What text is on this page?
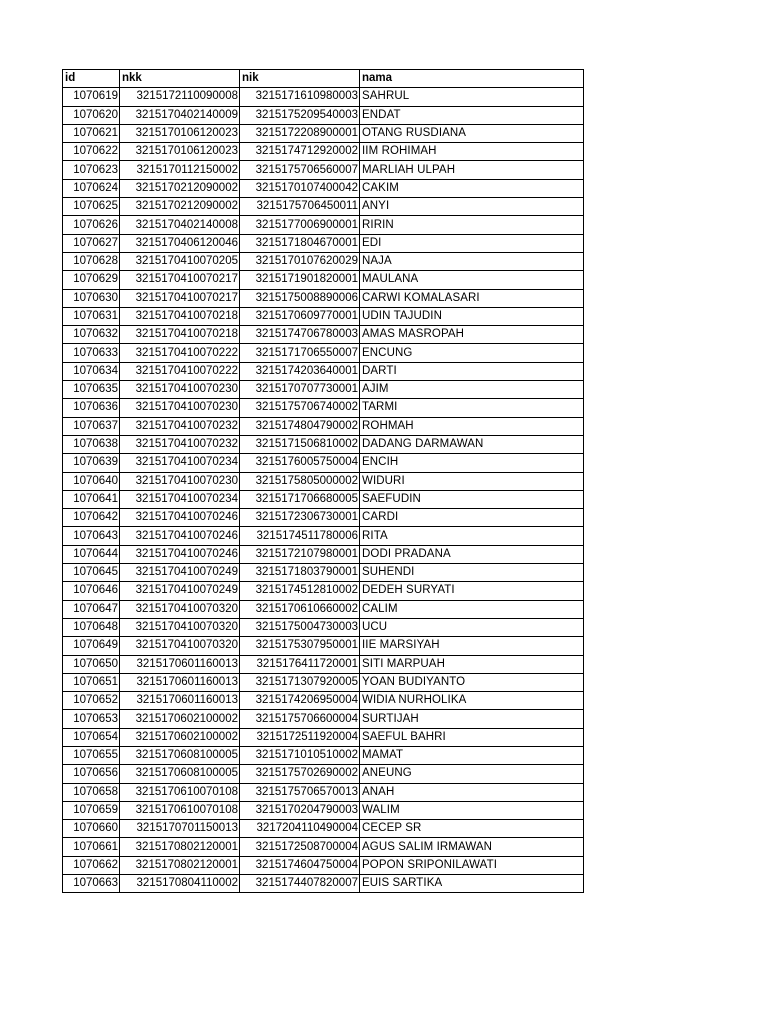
id	nkk	nik	nama
1070619	3215172110090008	3215171610980003	SAHRUL
1070620	3215170402140009	3215175209540003	ENDAT
1070621	3215170106120023	3215172208900001	OTANG RUSDIANA
1070622	3215170106120023	3215174712920002	IIM ROHIMAH
1070623	3215170112150002	3215175706560007	MARLIAH ULPAH
1070624	3215170212090002	3215170107400042	CAKIM
1070625	3215170212090002	3215175706450011	ANYI
1070626	3215170402140008	3215177006900001	RIRIN
1070627	3215170406120046	3215171804670001	EDI
1070628	3215170410070205	3215170107620029	NAJA
1070629	3215170410070217	3215171901820001	MAULANA
1070630	3215170410070217	3215175008890006	CARWI KOMALASARI
1070631	3215170410070218	3215170609770001	UDIN TAJUDIN
1070632	3215170410070218	3215174706780003	AMAS MASROPAH
1070633	3215170410070222	3215171706550007	ENCUNG
1070634	3215170410070222	3215174203640001	DARTI
1070635	3215170410070230	3215170707730001	AJIM
1070636	3215170410070230	3215175706740002	TARMI
1070637	3215170410070232	3215174804790002	ROHMAH
1070638	3215170410070232	3215171506810002	DADANG DARMAWAN
1070639	3215170410070234	3215176005750004	ENCIH
1070640	3215170410070230	3215175805000002	WIDURI
1070641	3215170410070234	3215171706680005	SAEFUDIN
1070642	3215170410070246	3215172306730001	CARDI
1070643	3215170410070246	3215174511780006	RITA
1070644	3215170410070246	3215172107980001	DODI PRADANA
1070645	3215170410070249	3215171803790001	SUHENDI
1070646	3215170410070249	3215174512810002	DEDEH SURYATI
1070647	3215170410070320	3215170610660002	CALIM
1070648	3215170410070320	3215175004730003	UCU
1070649	3215170410070320	3215175307950001	IIE MARSIYAH
1070650	3215170601160013	3215176411720001	SITI MARPUAH
1070651	3215170601160013	3215171307920005	YOAN BUDIYANTO
1070652	3215170601160013	3215174206950004	WIDIA NURHOLIKA
1070653	3215170602100002	3215175706600004	SURTIJAH
1070654	3215170602100002	3215172511920004	SAEFUL BAHRI
1070655	3215170608100005	3215171010510002	MAMAT
1070656	3215170608100005	3215175702690002	ANEUNG
1070658	3215170610070108	3215175706570013	ANAH
1070659	3215170610070108	3215170204790003	WALIM
1070660	3215170701150013	3217204110490004	CECEP SR
1070661	3215170802120001	3215172508700004	AGUS SALIM IRMAWAN
1070662	3215170802120001	3215174604750004	POPON SRIPONILAWATI
1070663	3215170804110002	3215174407820007	EUIS SARTIKA
